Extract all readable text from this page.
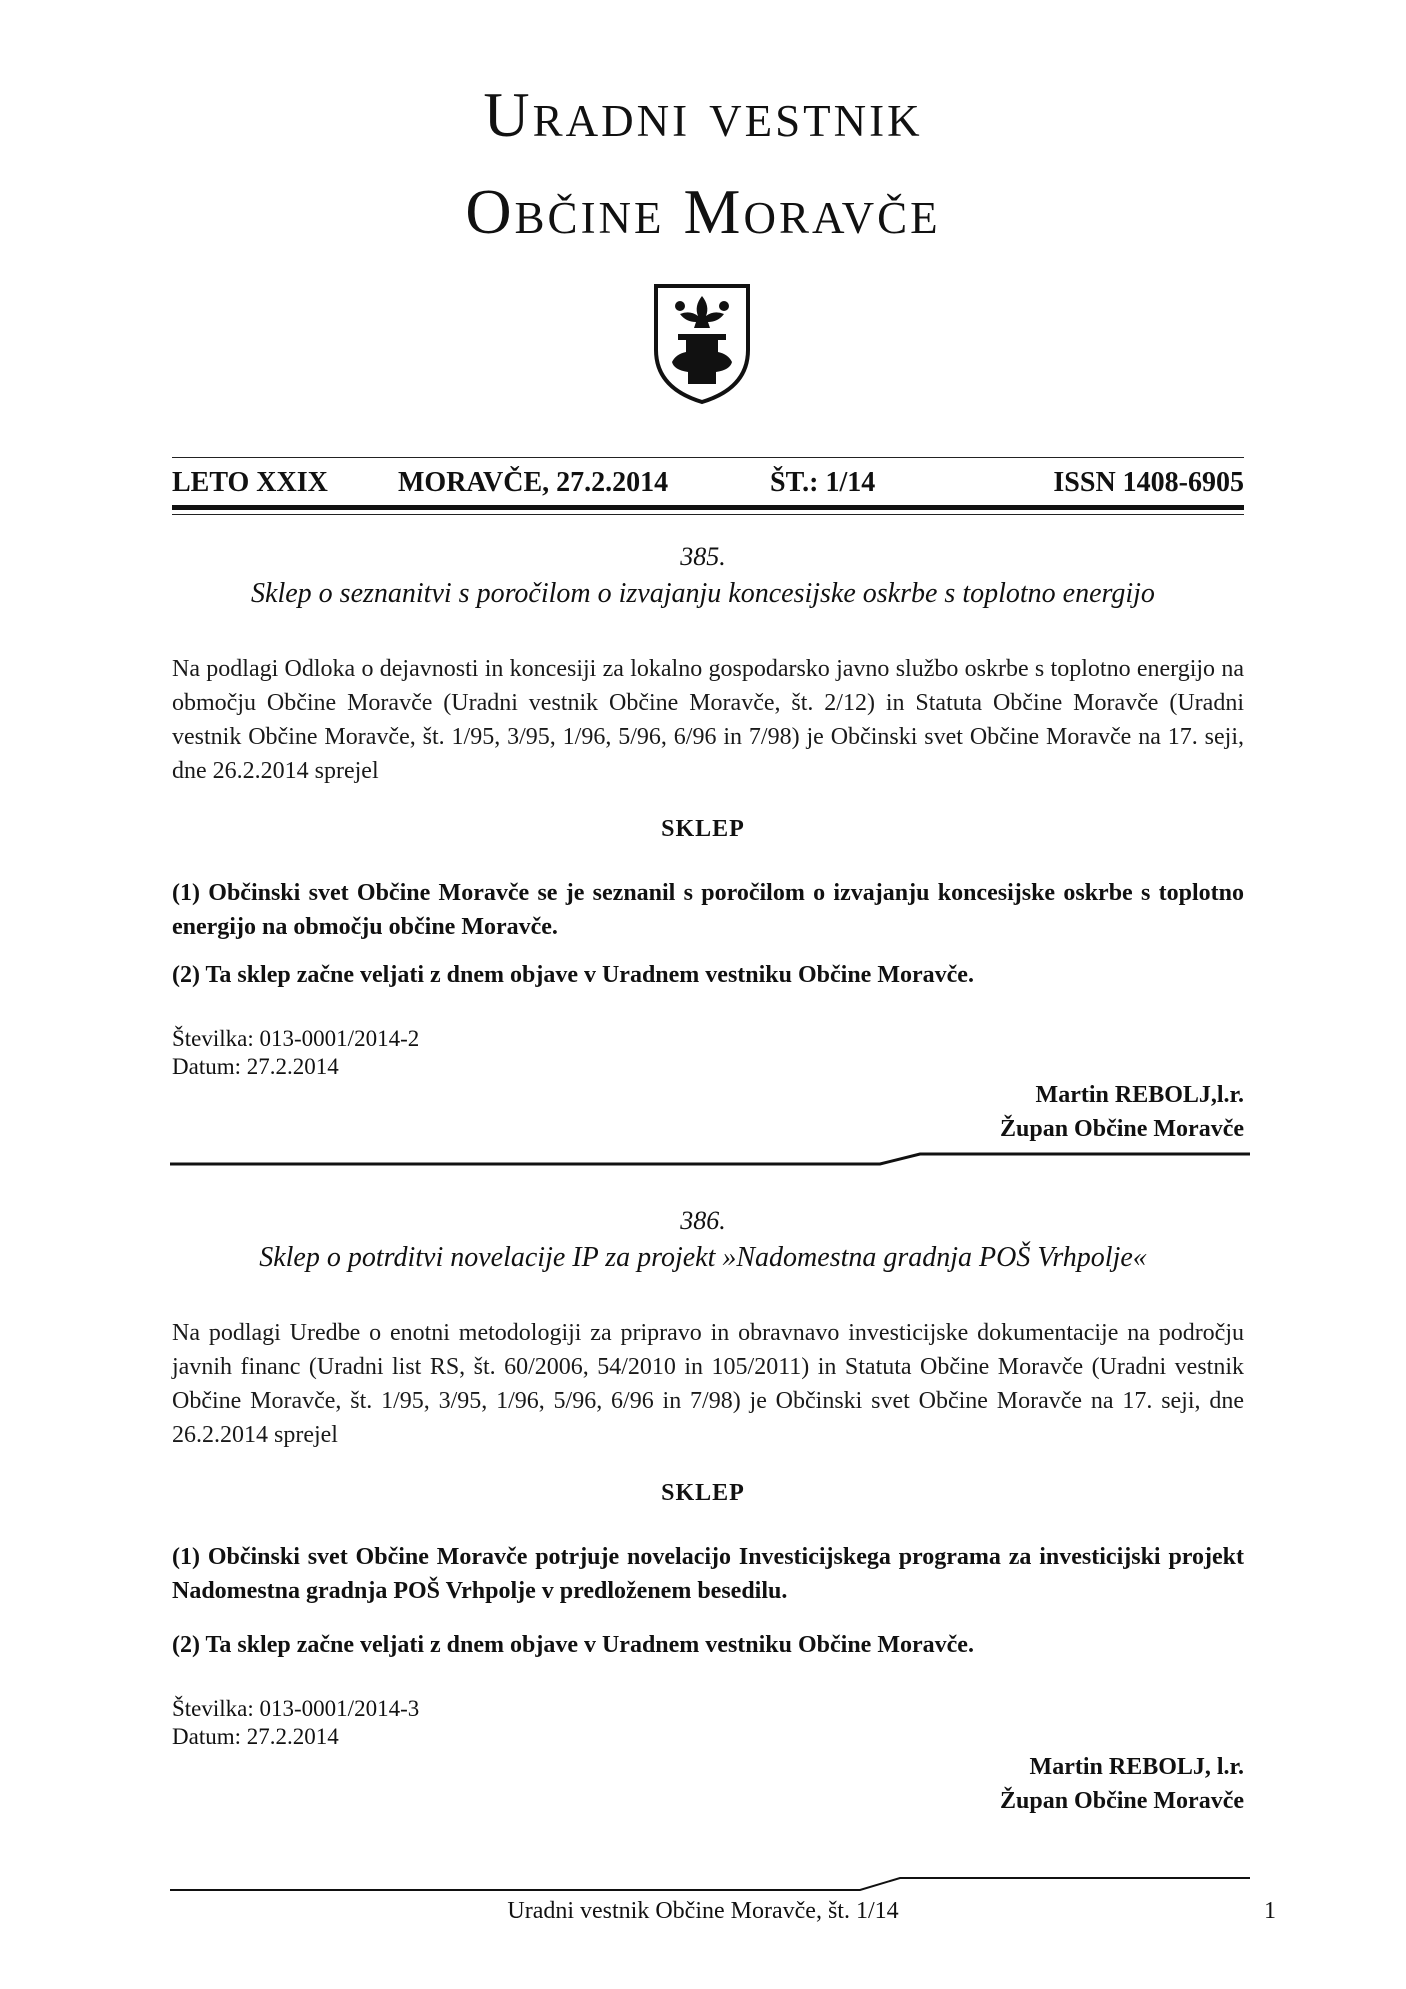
Uradni vestnik
Občine Moravče
LETO XXIX	MORAVČE, 27.2.2014	ŠT.: 1/14	ISSN 1408-6905
385.
Sklep o seznanitvi s poročilom o izvajanju koncesijske oskrbe s toplotno energijo
Na podlagi Odloka o dejavnosti in koncesiji za lokalno gospodarsko javno službo oskrbe s toplotno energijo na območju Občine Moravče (Uradni vestnik Občine Moravče, št. 2/12) in Statuta Občine Moravče (Uradni vestnik Občine Moravče, št. 1/95, 3/95, 1/96, 5/96, 6/96 in 7/98) je Občinski svet Občine Moravče na 17. seji, dne 26.2.2014 sprejel
SKLEP
(1) Občinski svet Občine Moravče se je seznanil s poročilom o izvajanju koncesijske oskrbe s toplotno energijo na območju občine Moravče.
(2) Ta sklep začne veljati z dnem objave v Uradnem vestniku Občine Moravče.
Številka: 013-0001/2014-2
Datum: 27.2.2014
Martin REBOLJ,l.r.
Župan Občine Moravče
386.
Sklep o potrditvi novelacije IP za projekt »Nadomestna gradnja POŠ Vrhpolje«
Na podlagi Uredbe o enotni metodologiji za pripravo in obravnavo investicijske dokumentacije na področju javnih financ (Uradni list RS, št. 60/2006, 54/2010 in 105/2011) in Statuta Občine Moravče (Uradni vestnik Občine Moravče, št. 1/95, 3/95, 1/96, 5/96, 6/96 in 7/98) je Občinski svet Občine Moravče na 17. seji, dne 26.2.2014 sprejel
SKLEP
(1) Občinski svet Občine Moravče potrjuje novelacijo Investicijskega programa za investicijski projekt Nadomestna gradnja POŠ Vrhpolje v predloženem besedilu.
(2) Ta sklep začne veljati z dnem objave v Uradnem vestniku Občine Moravče.
Številka: 013-0001/2014-3
Datum: 27.2.2014
Martin REBOLJ, l.r.
Župan Občine Moravče
Uradni vestnik Občine Moravče, št. 1/14	1
